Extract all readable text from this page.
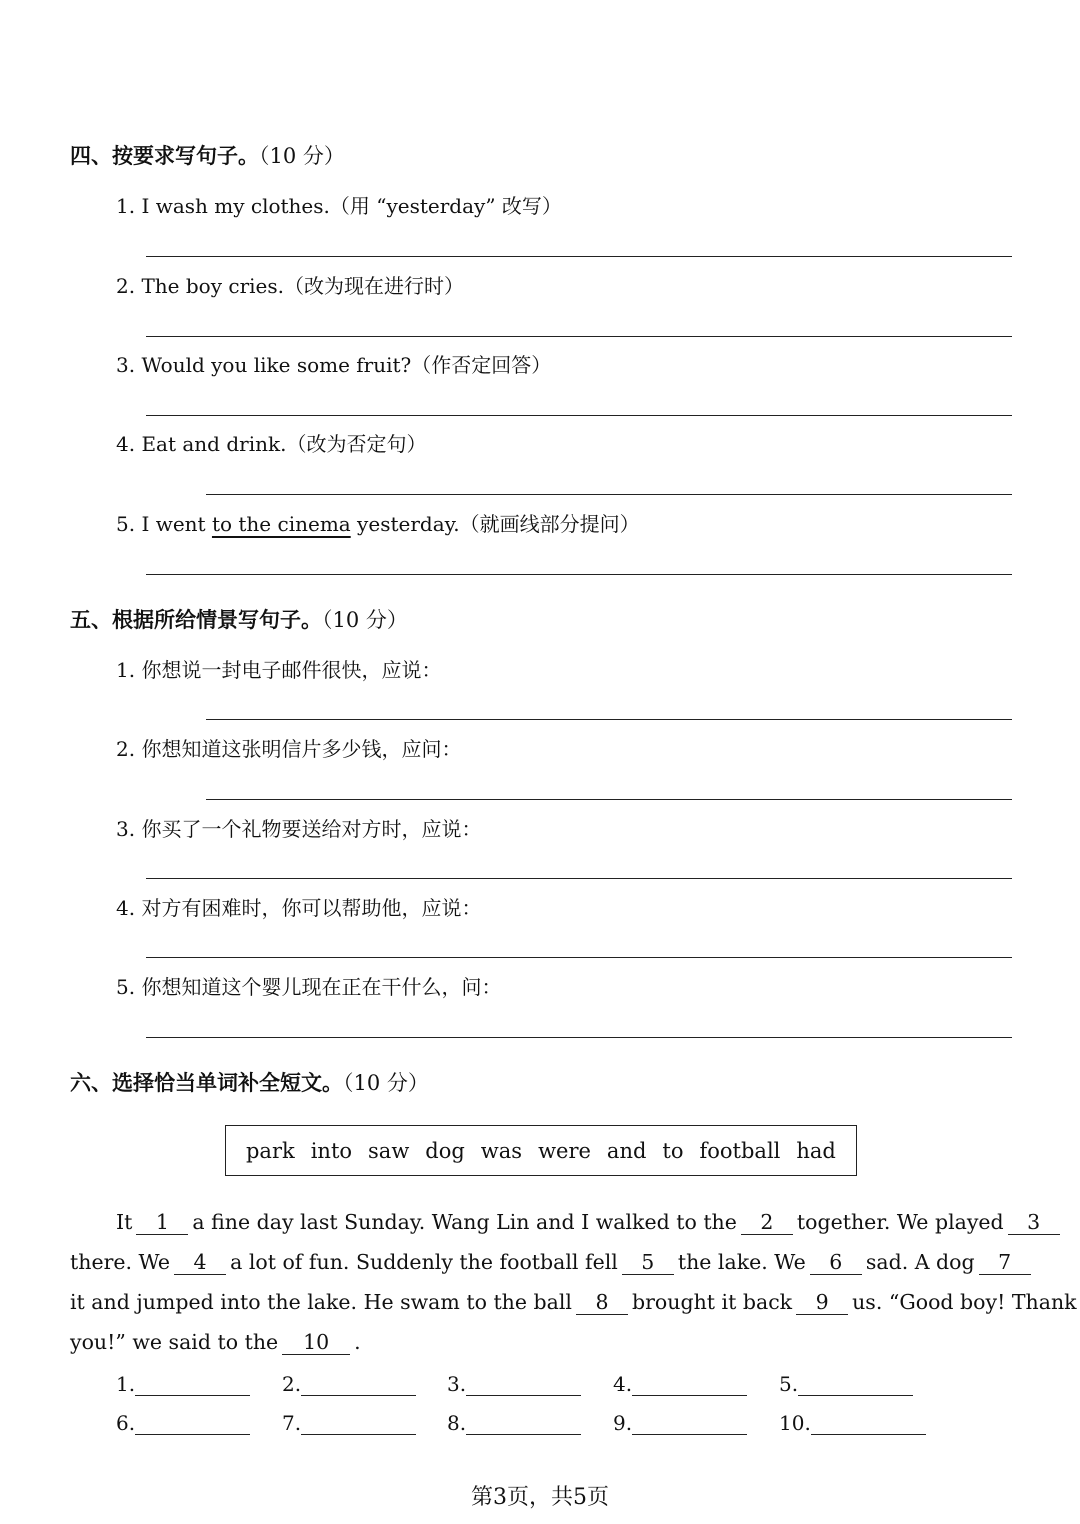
四、按要求写句子。（10 分）
1. I wash my clothes.（用 “yesterday” 改写）
2. The boy cries.（改为现在进行时）
3. Would you like some fruit?（作否定回答）
4. Eat and drink.（改为否定句）
5. I went to the cinema yesterday.（就画线部分提问）
五、根据所给情景写句子。（10 分）
1. 你想说一封电子邮件很快，应说：
2. 你想知道这张明信片多少钱，应问：
3. 你买了一个礼物要送给对方时，应说：
4. 对方有困难时，你可以帮助他，应说：
5. 你想知道这个婴儿现在正在干什么，问：
六、选择恰当单词补全短文。（10 分）
park into saw dog was were and to football had
It 1 a fine day last Sunday. Wang Lin and I walked to the 2 together. We played 3
there. We 4 a lot of fun. Suddenly the football fell 5 the lake. We 6 sad. A dog 7
it and jumped into the lake. He swam to the ball 8 brought it back 9 us. “Good boy! Thank
you!” we said to the 10 .
1.	2.	3.	4.	5.
6.	7.	8.	9.	10.
第3页，共5页
